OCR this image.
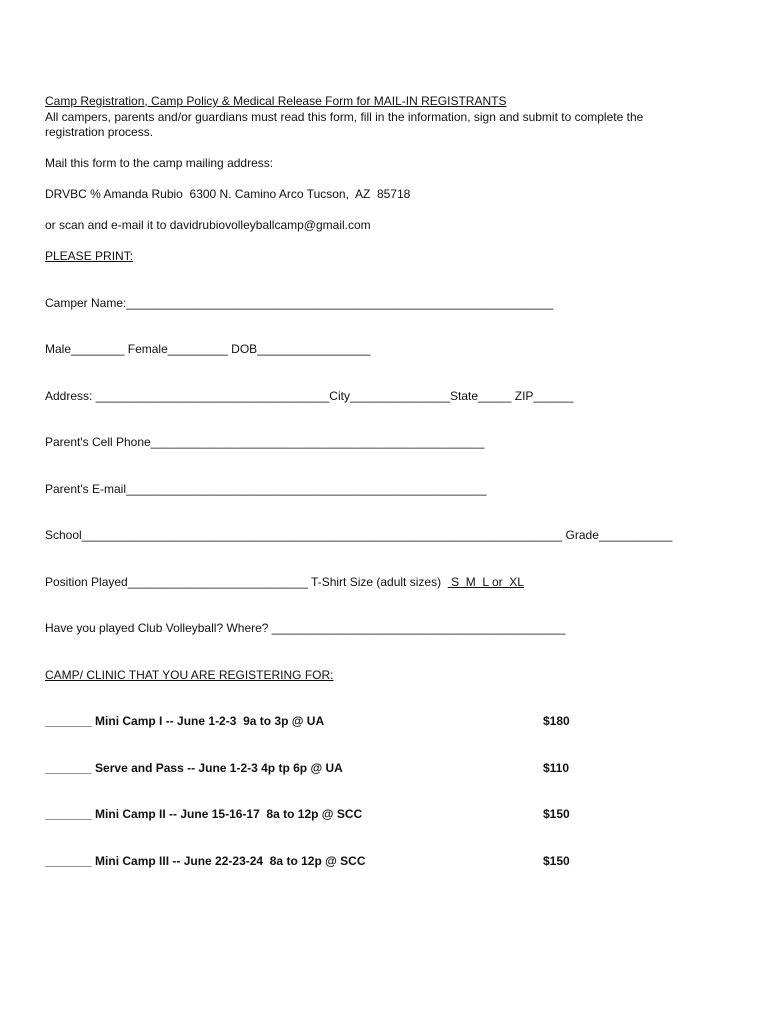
Camp Registration, Camp Policy & Medical Release Form for MAIL-IN REGISTRANTS
All campers, parents and/or guardians must read this form, fill in the information, sign and submit to complete the registration process.
Mail this form to the camp mailing address:
DRVBC % Amanda Rubio  6300 N. Camino Arco Tucson,  AZ  85718
or scan and e-mail it to davidrubiovolleyballcamp@gmail.com
PLEASE PRINT:
Camper Name:________________________________________________________________
Male________ Female_________ DOB_________________
Address: ___________________________________City_______________State_____ ZIP______
Parent's Cell Phone__________________________________________________
Parent's E-mail______________________________________________________
School________________________________________________________________________ Grade___________
Position Played___________________________ T-Shirt Size (adult sizes)   S  M  L or  XL
Have you played Club Volleyball? Where? ____________________________________________
CAMP/ CLINIC THAT YOU ARE REGISTERING FOR:
_______ Mini Camp I -- June 1-2-3  9a to 3p @ UA	$180
_______ Serve and Pass -- June 1-2-3 4p tp 6p @ UA	$110
_______ Mini Camp II -- June 15-16-17  8a to 12p @ SCC	$150
_______ Mini Camp III -- June 22-23-24  8a to 12p @ SCC	$150
